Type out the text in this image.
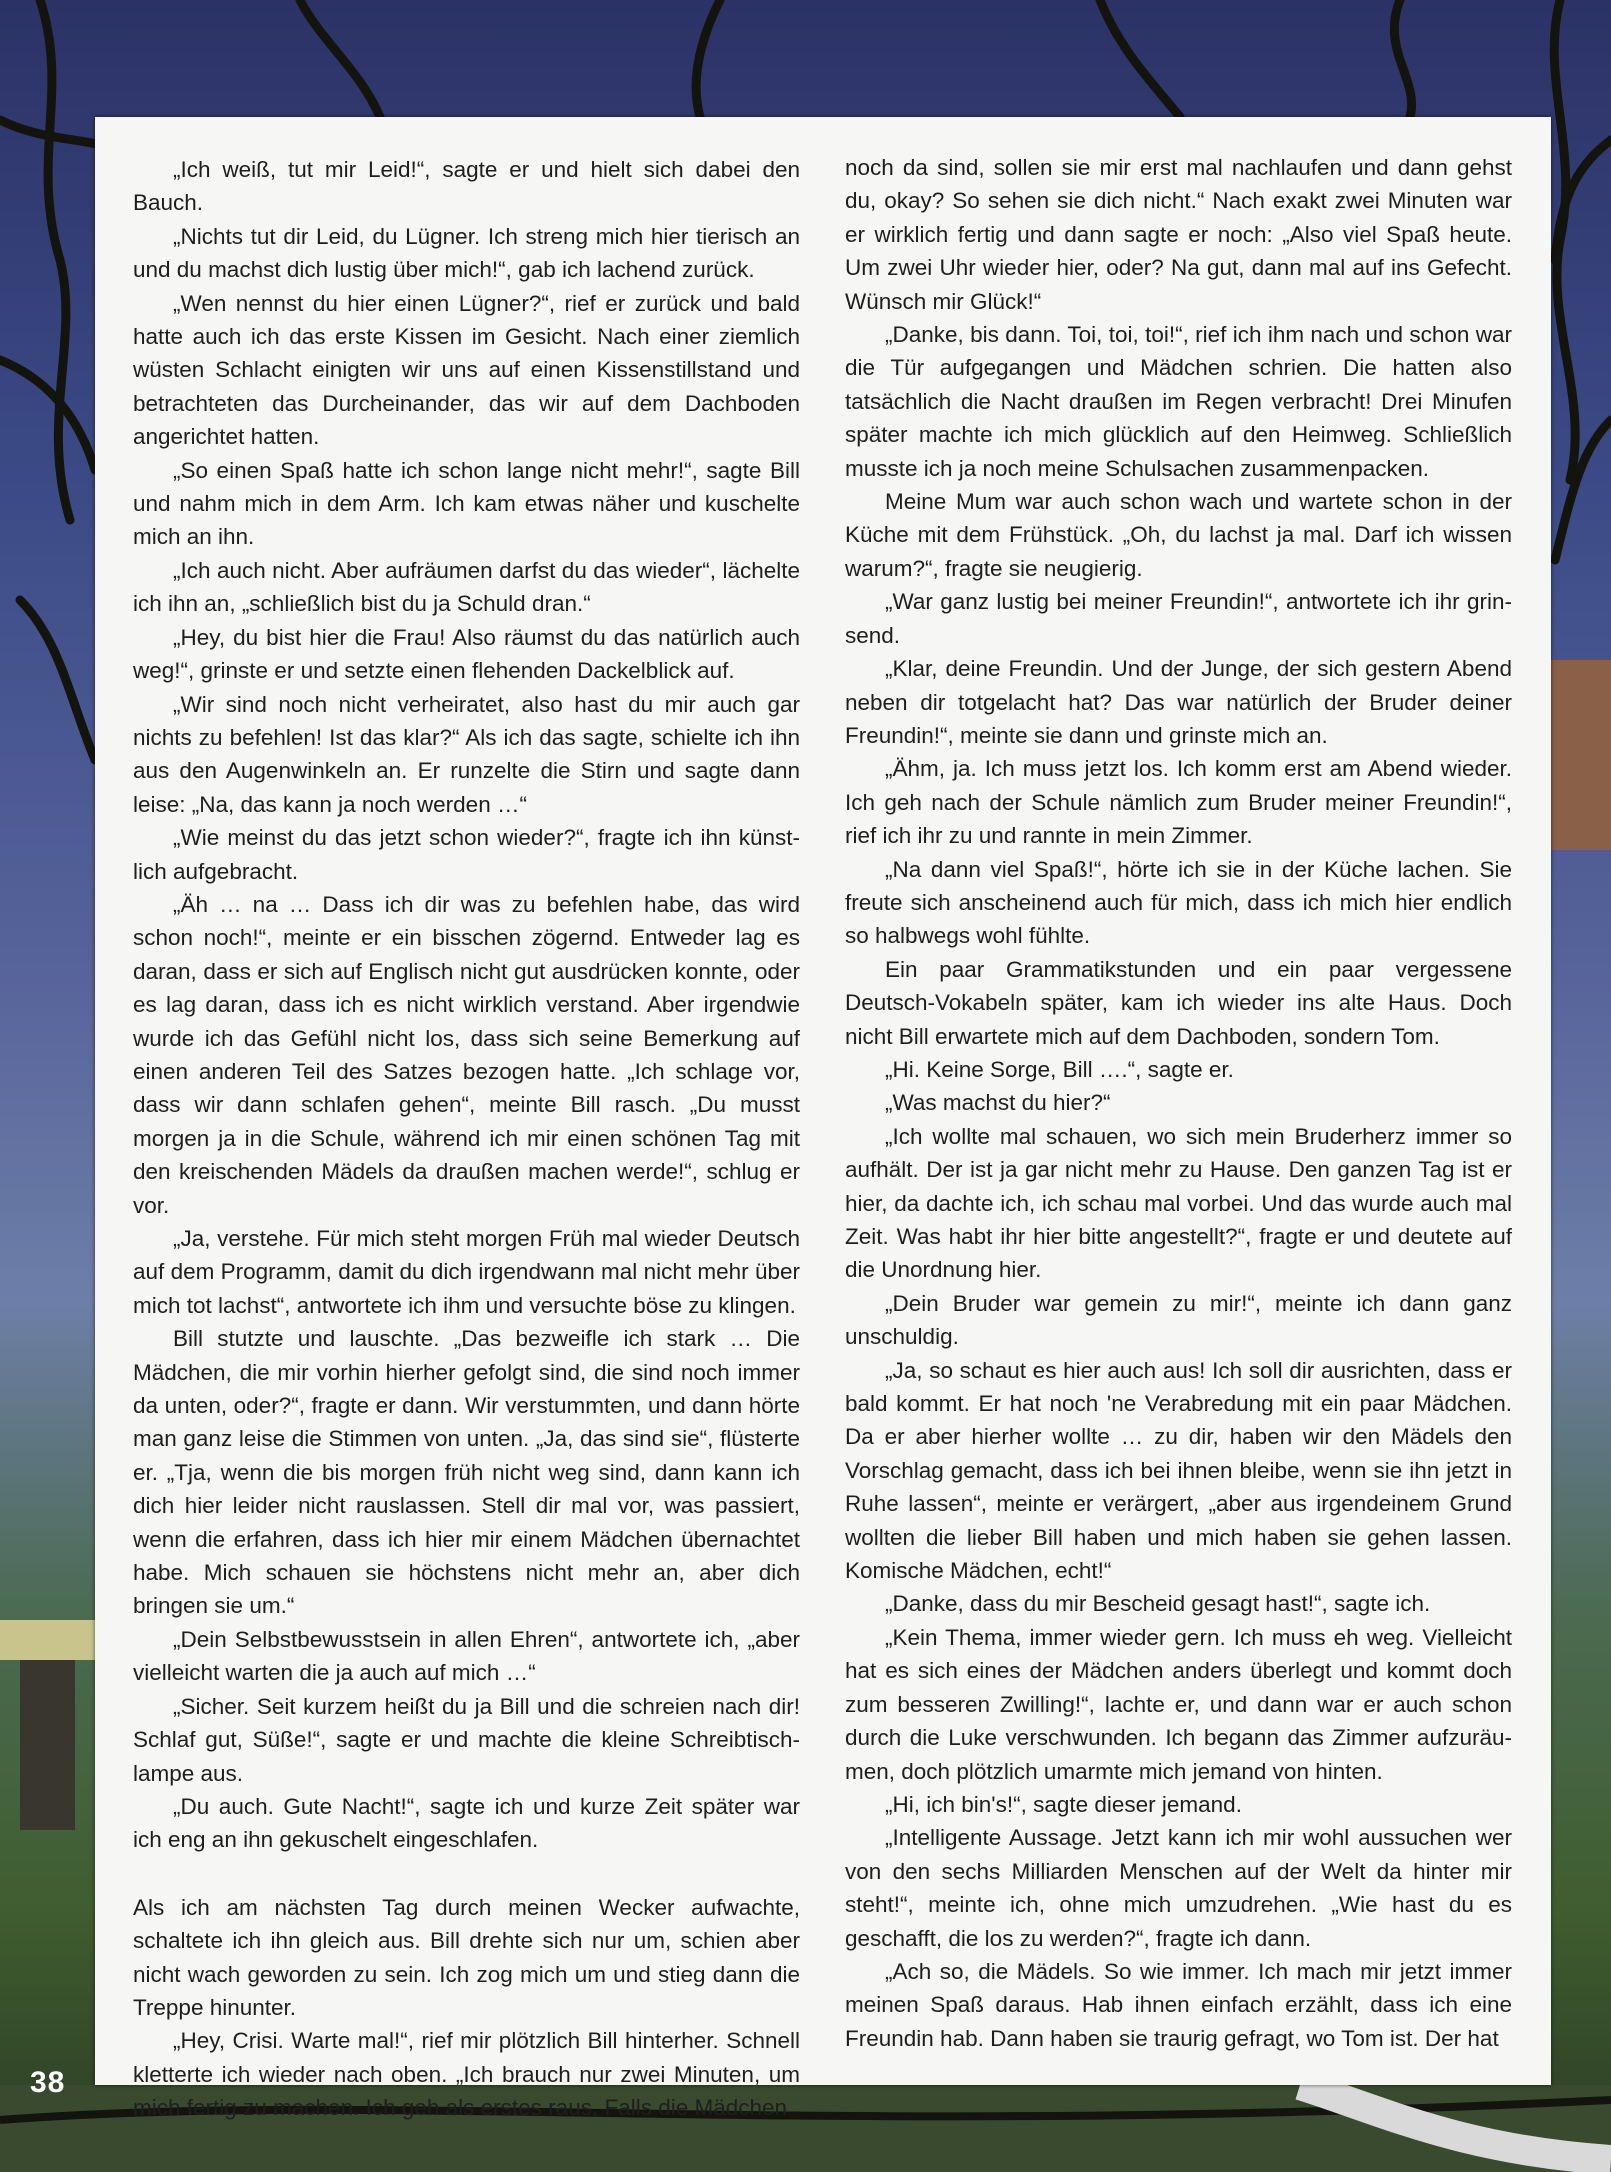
„Ich weiß, tut mir Leid!“, sagte er und hielt sich dabei den Bauch.

„Nichts tut dir Leid, du Lügner. Ich streng mich hier tierisch an und du machst dich lustig über mich!“, gab ich lachend zurück.

„Wen nennst du hier einen Lügner?“, rief er zurück und bald hatte auch ich das erste Kissen im Gesicht. Nach einer ziemlich wüsten Schlacht einigten wir uns auf einen Kissenstillstand und betrachteten das Durcheinander, das wir auf dem Dachboden angerichtet hatten.

„So einen Spaß hatte ich schon lange nicht mehr!“, sagte Bill und nahm mich in dem Arm. Ich kam etwas näher und kuschelte mich an ihn.

„Ich auch nicht. Aber aufräumen darfst du das wieder“, lächelte ich ihn an, „schließlich bist du ja Schuld dran.“

„Hey, du bist hier die Frau! Also räumst du das natürlich auch weg!“, grinste er und setzte einen flehenden Dackelblick auf.

„Wir sind noch nicht verheiratet, also hast du mir auch gar nichts zu befehlen! Ist das klar?“ Als ich das sagte, schielte ich ihn aus den Augenwinkeln an. Er runzelte die Stirn und sagte dann leise: „Na, das kann ja noch werden …“

„Wie meinst du das jetzt schon wieder?“, fragte ich ihn künstlich aufgebracht.

„Äh … na … Dass ich dir was zu befehlen habe, das wird schon noch!“, meinte er ein bisschen zögernd. Entweder lag es daran, dass er sich auf Englisch nicht gut ausdrücken konnte, oder es lag daran, dass ich es nicht wirklich verstand. Aber irgendwie wurde ich das Gefühl nicht los, dass sich seine Bemerkung auf einen anderen Teil des Satzes bezogen hatte. „Ich schlage vor, dass wir dann schlafen gehen“, meinte Bill rasch. „Du musst morgen ja in die Schule, während ich mir einen schönen Tag mit den kreischenden Mädels da draußen machen werde!“, schlug er vor.

„Ja, verstehe. Für mich steht morgen Früh mal wieder Deutsch auf dem Programm, damit du dich irgendwann mal nicht mehr über mich tot lachst“, antwortete ich ihm und versuchte böse zu klingen.

Bill stutzte und lauschte. „Das bezweifle ich stark … Die Mädchen, die mir vorhin hierher gefolgt sind, die sind noch immer da unten, oder?“, fragte er dann. Wir verstummten, und dann hörte man ganz leise die Stimmen von unten. „Ja, das sind sie“, flüsterte er. „Tja, wenn die bis morgen früh nicht weg sind, dann kann ich dich hier leider nicht rauslassen. Stell dir mal vor, was passiert, wenn die erfahren, dass ich hier mir einem Mädchen übernachtet habe. Mich schauen sie höchstens nicht mehr an, aber dich bringen sie um.“

„Dein Selbstbewusstsein in allen Ehren“, antwortete ich, „aber vielleicht warten die ja auch auf mich …“

„Sicher. Seit kurzem heißt du ja Bill und die schreien nach dir! Schlaf gut, Süße!“, sagte er und machte die kleine Schreibtischlampe aus.

„Du auch. Gute Nacht!“, sagte ich und kurze Zeit später war ich eng an ihn gekuschelt eingeschlafen.

Als ich am nächsten Tag durch meinen Wecker aufwachte, schaltete ich ihn gleich aus. Bill drehte sich nur um, schien aber nicht wach geworden zu sein. Ich zog mich um und stieg dann die Treppe hinunter.

„Hey, Crisi. Warte mal!“, rief mir plötzlich Bill hinterher. Schnell kletterte ich wieder nach oben. „Ich brauch nur zwei Minuten, um mich fertig zu machen. Ich geh als erstes raus. Falls die Mädchen

noch da sind, sollen sie mir erst mal nachlaufen und dann gehst du, okay? So sehen sie dich nicht.“ Nach exakt zwei Minuten war er wirklich fertig und dann sagte er noch: „Also viel Spaß heute. Um zwei Uhr wieder hier, oder? Na gut, dann mal auf ins Gefecht. Wünsch mir Glück!“

„Danke, bis dann. Toi, toi, toi!“, rief ich ihm nach und schon war die Tür aufgegangen und Mädchen schrien. Die hatten also tatsächlich die Nacht draußen im Regen verbracht! Drei Minufen später machte ich mich glücklich auf den Heimweg. Schließlich musste ich ja noch meine Schulsachen zusammenpacken.

Meine Mum war auch schon wach und wartete schon in der Küche mit dem Frühstück. „Oh, du lachst ja mal. Darf ich wissen warum?“, fragte sie neugierig.

„War ganz lustig bei meiner Freundin!“, antwortete ich ihr grinsend.

„Klar, deine Freundin. Und der Junge, der sich gestern Abend neben dir totgelacht hat? Das war natürlich der Bruder deiner Freundin!“, meinte sie dann und grinste mich an.

„Ähm, ja. Ich muss jetzt los. Ich komm erst am Abend wieder. Ich geh nach der Schule nämlich zum Bruder meiner Freundin!“, rief ich ihr zu und rannte in mein Zimmer.

„Na dann viel Spaß!“, hörte ich sie in der Küche lachen. Sie freute sich anscheinend auch für mich, dass ich mich hier endlich so halbwegs wohl fühlte.

Ein paar Grammatikstunden und ein paar vergessene Deutsch-Vokabeln später, kam ich wieder ins alte Haus. Doch nicht Bill erwartete mich auf dem Dachboden, sondern Tom.

„Hi. Keine Sorge, Bill ….“, sagte er.

„Was machst du hier?“

„Ich wollte mal schauen, wo sich mein Bruderherz immer so aufhält. Der ist ja gar nicht mehr zu Hause. Den ganzen Tag ist er hier, da dachte ich, ich schau mal vorbei. Und das wurde auch mal Zeit. Was habt ihr hier bitte angestellt?“, fragte er und deutete auf die Unordnung hier.

„Dein Bruder war gemein zu mir!“, meinte ich dann ganz unschuldig.

„Ja, so schaut es hier auch aus! Ich soll dir ausrichten, dass er bald kommt. Er hat noch 'ne Verabredung mit ein paar Mädchen. Da er aber hierher wollte … zu dir, haben wir den Mädels den Vorschlag gemacht, dass ich bei ihnen bleibe, wenn sie ihn jetzt in Ruhe lassen“, meinte er verärgert, „aber aus irgendeinem Grund wollten die lieber Bill haben und mich haben sie gehen lassen. Komische Mädchen, echt!“

„Danke, dass du mir Bescheid gesagt hast!“, sagte ich.

„Kein Thema, immer wieder gern. Ich muss eh weg. Vielleicht hat es sich eines der Mädchen anders überlegt und kommt doch zum besseren Zwilling!“, lachte er, und dann war er auch schon durch die Luke verschwunden. Ich begann das Zimmer aufzuräumen, doch plötzlich umarmte mich jemand von hinten.

„Hi, ich bin's!“, sagte dieser jemand.

„Intelligente Aussage. Jetzt kann ich mir wohl aussuchen wer von den sechs Milliarden Menschen auf der Welt da hinter mir steht!“, meinte ich, ohne mich umzudrehen. „Wie hast du es geschafft, die los zu werden?“, fragte ich dann.

„Ach so, die Mädels. So wie immer. Ich mach mir jetzt immer meinen Spaß daraus. Hab ihnen einfach erzählt, dass ich eine Freundin hab. Dann haben sie traurig gefragt, wo Tom ist. Der hat

38
